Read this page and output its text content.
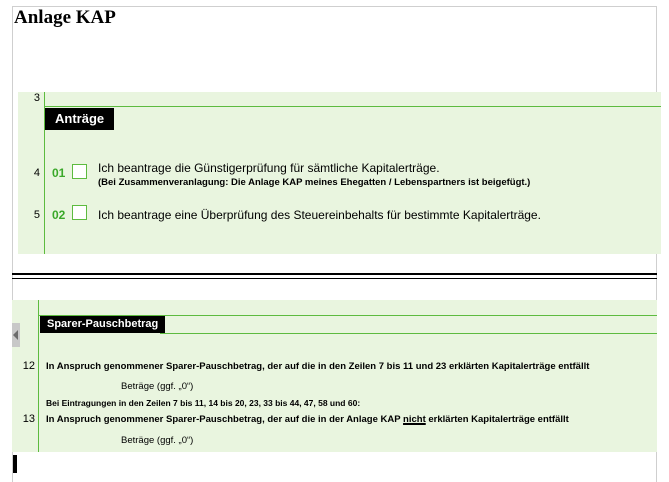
Anlage KAP
3
Anträge
4 01	Ich beantrage die Günstigerprüfung für sämtliche Kapitalerträge.
(Bei Zusammenveranlagung: Die Anlage KAP meines Ehegatten / Lebenspartners ist beigefügt.)
5 02	Ich beantrage eine Überprüfung des Steuereinbehalts für bestimmte Kapitalerträge.
Sparer-Pauschbetrag
12 In Anspruch genommener Sparer-Pauschbetrag, der auf die in den Zeilen 7 bis 11 und 23 erklärten Kapitalerträge entfällt
Beträge (ggf. „0“)
Bei Eintragungen in den Zeilen 7 bis 11, 14 bis 20, 23, 33 bis 44, 47, 58 und 60:
13 In Anspruch genommener Sparer-Pauschbetrag, der auf die in der Anlage KAP nicht erklärten Kapitalerträge entfällt
Beträge (ggf. „0“)
